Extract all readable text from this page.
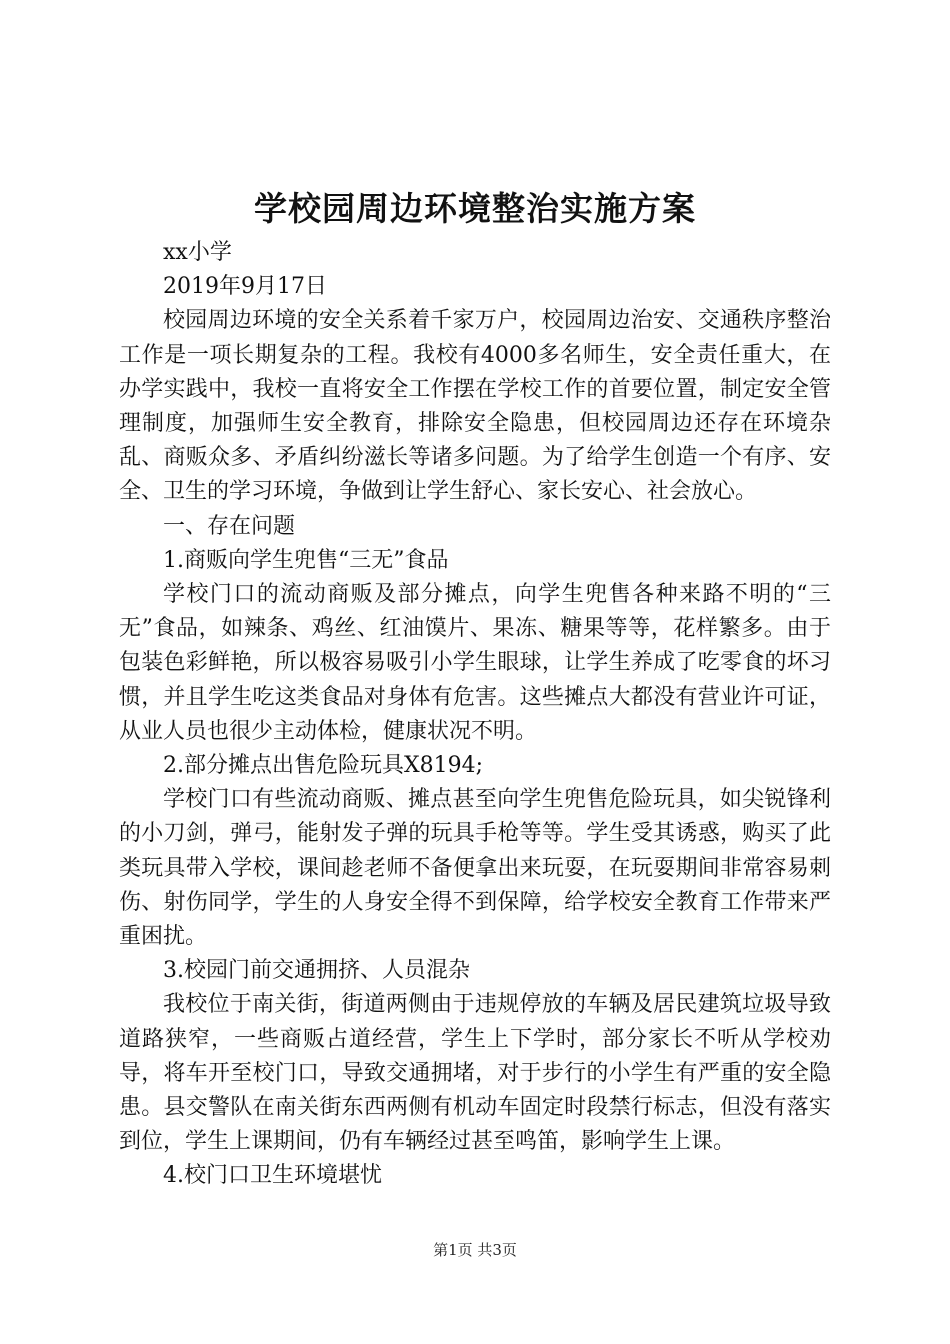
学校园周边环境整治实施方案

xx小学

2019年9月17日

校园周边环境的安全关系着千家万户，校园周边治安、交通秩序整治工作是一项长期复杂的工程。我校有4000多名师生，安全责任重大，在办学实践中，我校一直将安全工作摆在学校工作的首要位置，制定安全管理制度，加强师生安全教育，排除安全隐患，但校园周边还存在环境杂乱、商贩众多、矛盾纠纷滋长等诸多问题。为了给学生创造一个有序、安全、卫生的学习环境，争做到让学生舒心、家长安心、社会放心。

一、存在问题

1.商贩向学生兜售“三无”食品

学校门口的流动商贩及部分摊点，向学生兜售各种来路不明的“三无”食品，如辣条、鸡丝、红油馍片、果冻、糖果等等，花样繁多。由于包装色彩鲜艳，所以极容易吸引小学生眼球，让学生养成了吃零食的坏习惯，并且学生吃这类食品对身体有危害。这些摊点大都没有营业许可证，从业人员也很少主动体检，健康状况不明。

2.部分摊点出售危险玩具X8194;

学校门口有些流动商贩、摊点甚至向学生兜售危险玩具，如尖锐锋利的小刀剑，弹弓，能射发子弹的玩具手枪等等。学生受其诱惑，购买了此类玩具带入学校，课间趁老师不备便拿出来玩耍，在玩耍期间非常容易刺伤、射伤同学，学生的人身安全得不到保障，给学校安全教育工作带来严重困扰。

3.校园门前交通拥挤、人员混杂

我校位于南关街，街道两侧由于违规停放的车辆及居民建筑垃圾导致道路狭窄，一些商贩占道经营，学生上下学时，部分家长不听从学校劝导，将车开至校门口，导致交通拥堵，对于步行的小学生有严重的安全隐患。县交警队在南关街东西两侧有机动车固定时段禁行标志，但没有落实到位，学生上课期间，仍有车辆经过甚至鸣笛，影响学生上课。

4.校门口卫生环境堪忧

第1页 共3页
